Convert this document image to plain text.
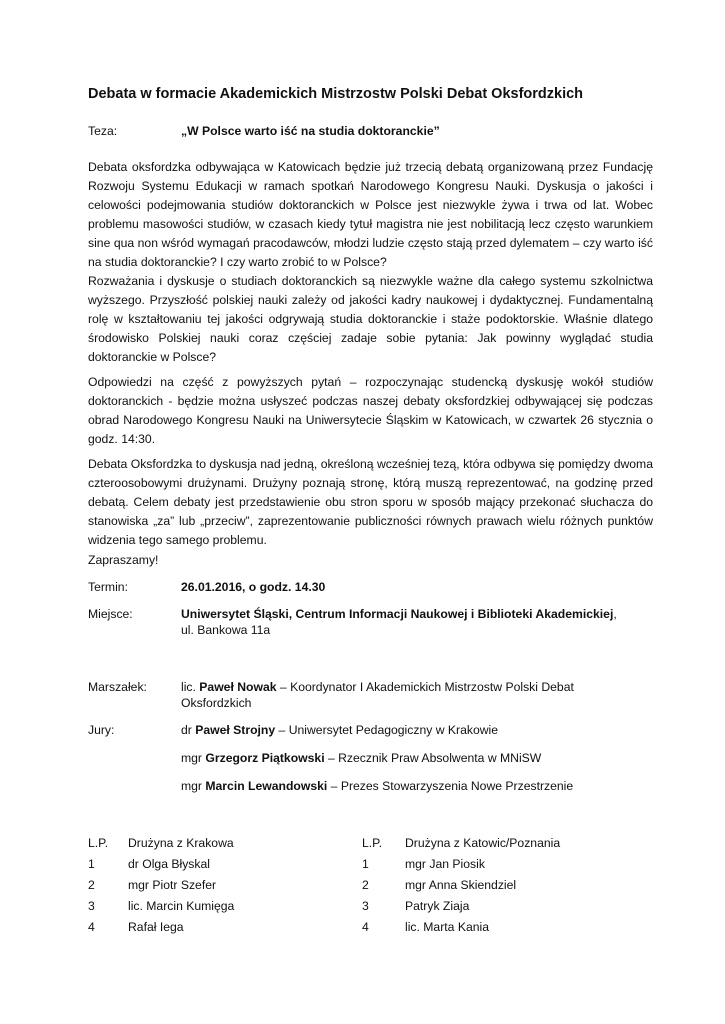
Debata w formacie Akademickich Mistrzostw Polski Debat Oksfordzkich
Teza:	„W Polsce warto iść na studia doktoranckie”
Debata oksfordzka odbywająca w Katowicach będzie już trzecią debatą organizowaną przez Fundację Rozwoju Systemu Edukacji w ramach spotkań Narodowego Kongresu Nauki. Dyskusja o jakości i celowości podejmowania studiów doktoranckich w Polsce jest niezwykle żywa i trwa od lat. Wobec problemu masowości studiów, w czasach kiedy tytuł magistra nie jest nobilitacją lecz często warunkiem sine qua non wśród wymagań pracodawców, młodzi ludzie często stają przed dylematem – czy warto iść na studia doktoranckie? I czy warto zrobić to w Polsce?
Rozważania i dyskusje o studiach doktoranckich są niezwykle ważne dla całego systemu szkolnictwa wyższego. Przyszłość polskiej nauki zależy od jakości kadry naukowej i dydaktycznej. Fundamentalną rolę w kształtowaniu tej jakości odgrywają studia doktoranckie i staże podoktorskie. Właśnie dlatego środowisko Polskiej nauki coraz częściej zadaje sobie pytania: Jak powinny wyglądać studia doktoranckie w Polsce?
Odpowiedzi na część z powyższych pytań – rozpoczynając studencką dyskusję wokół studiów doktoranckich - będzie można usłyszeć podczas naszej debaty oksfordzkiej odbywającej się podczas obrad Narodowego Kongresu Nauki na Uniwersytecie Śląskim w Katowicach, w czwartek 26 stycznia o godz. 14:30.
Debata Oksfordzka to dyskusja nad jedną, określoną wcześniej tezą, która odbywa się pomiędzy dwoma czteroosobowymi drużynami. Drużyny poznają stronę, którą muszą reprezentować, na godzinę przed debatą. Celem debaty jest przedstawienie obu stron sporu w sposób mający przekonać słuchacza do stanowiska „za” lub „przeciw”, zaprezentowanie publiczności równych prawach wielu różnych punktów widzenia tego samego problemu.
Zapraszamy!
Termin:	26.01.2016, o godz. 14.30
Miejsce:	Uniwersytet Śląski, Centrum Informacji Naukowej i Biblioteki Akademickiej,
ul. Bankowa 11a
Marszałek:	lic. Paweł Nowak – Koordynator I Akademickich Mistrzostw Polski Debat Oksfordzkich
Jury:	dr Paweł Strojny – Uniwersytet Pedagogiczny w Krakowie
mgr Grzegorz Piątkowski – Rzecznik Praw Absolwenta w MNiSW
mgr Marcin Lewandowski – Prezes Stowarzyszenia Nowe Przestrzenie
L.P. Drużyna z Krakowa
1	dr Olga Błyskal
2	mgr Piotr Szefer
3	lic. Marcin Kumięga
4	Rafał Iega
L.P. Drużyna z Katowic/Poznania
1	mgr Jan Piosik
2	mgr Anna Skiendziel
3	Patryk Ziaja
4	lic. Marta Kania
